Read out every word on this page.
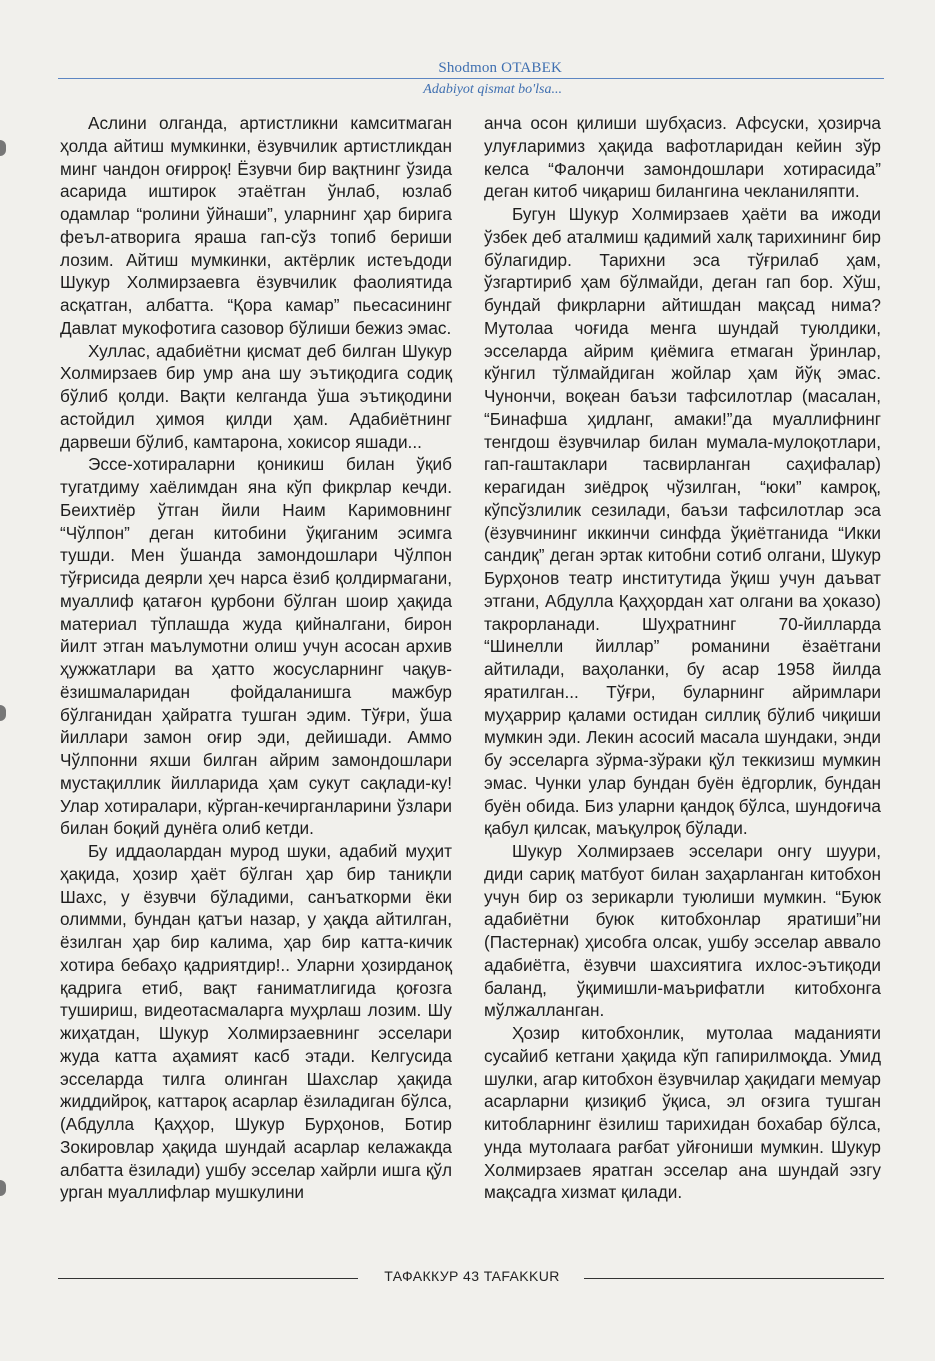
Shodmon OTABEK
Adabiyot qismat bo'lsa...

Аслини олганда, артистликни камситмаган ҳолда айтиш мумкинки, ёзувчилик артистликдан минг чандон оғирроқ! Ёзувчи бир вақтнинг ўзида асарида иштирок этаётган ўнлаб, юзлаб одамлар “ролини ўйнаши”, уларнинг ҳар бирига феъл-атворига яраша гап-сўз топиб бериши лозим. Айтиш мумкинки, актёрлик истеъдоди Шукур Холмирзаевга ёзувчилик фаолиятида асқатган, албатта. “Қора камар” пьесасининг Давлат мукофотига сазовор бўлиши бежиз эмас.

Хуллас, адабиётни қисмат деб билган Шукур Холмирзаев бир умр ана шу эътиқодига содиқ бўлиб қолди. Вақти келганда ўша эътиқодини астойдил ҳимоя қилди ҳам. Адабиётнинг дарвеши бўлиб, камтарона, хокисор яшади...

Эссе-хотираларни қоникиш билан ўқиб тугатдиму хаёлимдан яна кўп фикрлар кечди. Беихтиёр ўтган йили Наим Каримовнинг “Чўлпон” деган китобини ўқиганим эсимга тушди. Мен ўшанда замондошлари Чўлпон тўғрисида деярли ҳеч нарса ёзиб қолдирмагани, муаллиф қатағон қурбони бўлган шоир ҳақида материал тўплашда жуда қийналгани, бирон йилт этган маълумотни олиш учун асосан архив ҳужжатлари ва ҳатто жосусларнинг чақув-ёзишмаларидан фойдаланишга мажбур бўлганидан ҳайратга тушган эдим. Тўғри, ўша йиллари замон оғир эди, дейишади. Аммо Чўлпонни яхши билган айрим замондошлари мустақиллик йилларида ҳам сукут сақлади-ку! Улар хотиралари, кўрган-кечирганларини ўзлари билан боқий дунёга олиб кетди.

Бу иддаолардан мурод шуки, адабий муҳит ҳақида, ҳозир ҳаёт бўлган ҳар бир таниқли Шахс, у ёзувчи бўладими, санъаткорми ёки олимми, бундан қатъи назар, у ҳақда айтилган, ёзилган ҳар бир калима, ҳар бир катта-кичик хотира бебаҳо қадриятдир!.. Уларни ҳозирданоқ қадрига етиб, вақт ғаниматлигида қоғозга тушириш, видеотасмаларга муҳрлаш лозим. Шу жиҳатдан, Шукур Холмирзаевнинг эсселари жуда катта аҳамият касб этади. Келгусида эсселарда тилга олинган Шахслар ҳақида жиддийроқ, каттароқ асарлар ёзиладиган бўлса, (Абдулла Қаҳҳор, Шукур Бурҳонов, Ботир Зокировлар ҳақида шундай асарлар келажакда албатта ёзилади) ушбу эсселар хайрли ишга қўл урган муаллифлар мушкулини

анча осон қилиши шубҳасиз. Афсуски, ҳозирча улуғларимиз ҳақида вафотларидан кейин зўр келса “Фалончи замондошлари хотирасида” деган китоб чиқариш билангина чекланиляпти.

Бугун Шукур Холмирзаев ҳаёти ва ижоди ўзбек деб аталмиш қадимий халқ тарихининг бир бўлагидир. Тарихни эса тўғрилаб ҳам, ўзгартириб ҳам бўлмайди, деган гап бор. Хўш, бундай фикрларни айтишдан мақсад нима? Мутолаа чоғида менга шундай туюлдики, эсселарда айрим қиёмига етмаган ўринлар, кўнгил тўлмайдиган жойлар ҳам йўқ эмас. Чунончи, воқеан баъзи тафсилотлар (масалан, “Бинафша ҳидланг, амаки!”да муаллифнинг тенгдош ёзувчилар билан мумала-мулоқотлари, гап-гаштаклари тасвирланган саҳифалар) керагидан зиёдроқ чўзилган, “юки” камроқ, кўпсўзлилик сезилади, баъзи тафсилотлар эса (ёзувчининг иккинчи синфда ўқиётганида “Икки сандиқ” деган эртак китобни сотиб олгани, Шукур Бурҳонов театр институтида ўқиш учун даъват этгани, Абдулла Қаҳҳордан хат олгани ва ҳоказо) такрорланади. Шуҳратнинг 70-йилларда “Шинелли йиллар” романини ёзаётгани айтилади, ваҳоланки, бу асар 1958 йилда яратилган... Тўғри, буларнинг айримлари муҳаррир қалами остидан силлиқ бўлиб чиқиши мумкин эди. Лекин асосий масала шундаки, энди бу эсселарга зўрма-зўраки қўл теккизиш мумкин эмас. Чунки улар бундан буён ёдгорлик, бундан буён обида. Биз уларни қандоқ бўлса, шундоғича қабул қилсак, маъқулроқ бўлади.

Шукур Холмирзаев эсселари онгу шуури, диди сариқ матбуот билан заҳарланган китобхон учун бир оз зерикарли туюлиши мумкин. “Буюк адабиётни буюк китобхонлар яратиши”ни (Пастернак) ҳисобга олсак, ушбу эсселар аввало адабиётга, ёзувчи шахсиятига ихлос-эътиқоди баланд, ўқимишли-маърифатли китобхонга мўлжалланган.

Ҳозир китобхонлик, мутолаа маданияти сусайиб кетгани ҳақида кўп гапирилмоқда. Умид шулки, агар китобхон ёзувчилар ҳақидаги мемуар асарларни қизиқиб ўқиса, эл оғзига тушган китобларнинг ёзилиш тарихидан бохабар бўлса, унда мутолаага рағбат уйғониши мумкин. Шукур Холмирзаев яратган эсселар ана шундай эзгу мақсадга хизмат қилади.

ТАФАККУР 43 TAFAKKUR
